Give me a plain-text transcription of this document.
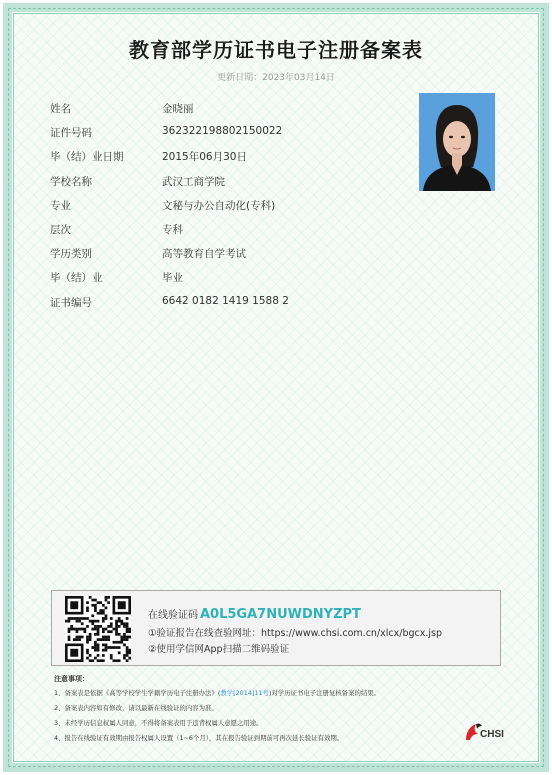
教育部学历证书电子注册备案表
更新日期：2023年03月14日
姓名	金晓丽
证件号码	362322198802150022
毕（结）业日期	2015年06月30日
学校名称	武汉工商学院
专业	文秘与办公自动化(专科)
层次	专科
学历类别	高等教育自学考试
毕（结）业	毕业
证书编号	6642 0182 1419 1588 2
在线验证码 A0L5GA7NUWDNYZPT
①验证报告在线查验网址：https://www.chsi.com.cn/xlcx/bgcx.jsp
②使用学信网App扫描二维码验证
注意事项：
1、备案表是依据《高等学校学生学籍学历电子注册办法》(教学[2014]11号)对学历证书电子注册复核备案的结果。
2、备案表内容如有修改，请以最新在线验证的内容为准。
3、未经学历信息权属人同意，不得将备案表用于违背权属人意愿之用途。
4、报告在线验证有效期由报告权属人设置（1~6个月），其在报告验证到期前可再次延长验证有效期。	CHSI
